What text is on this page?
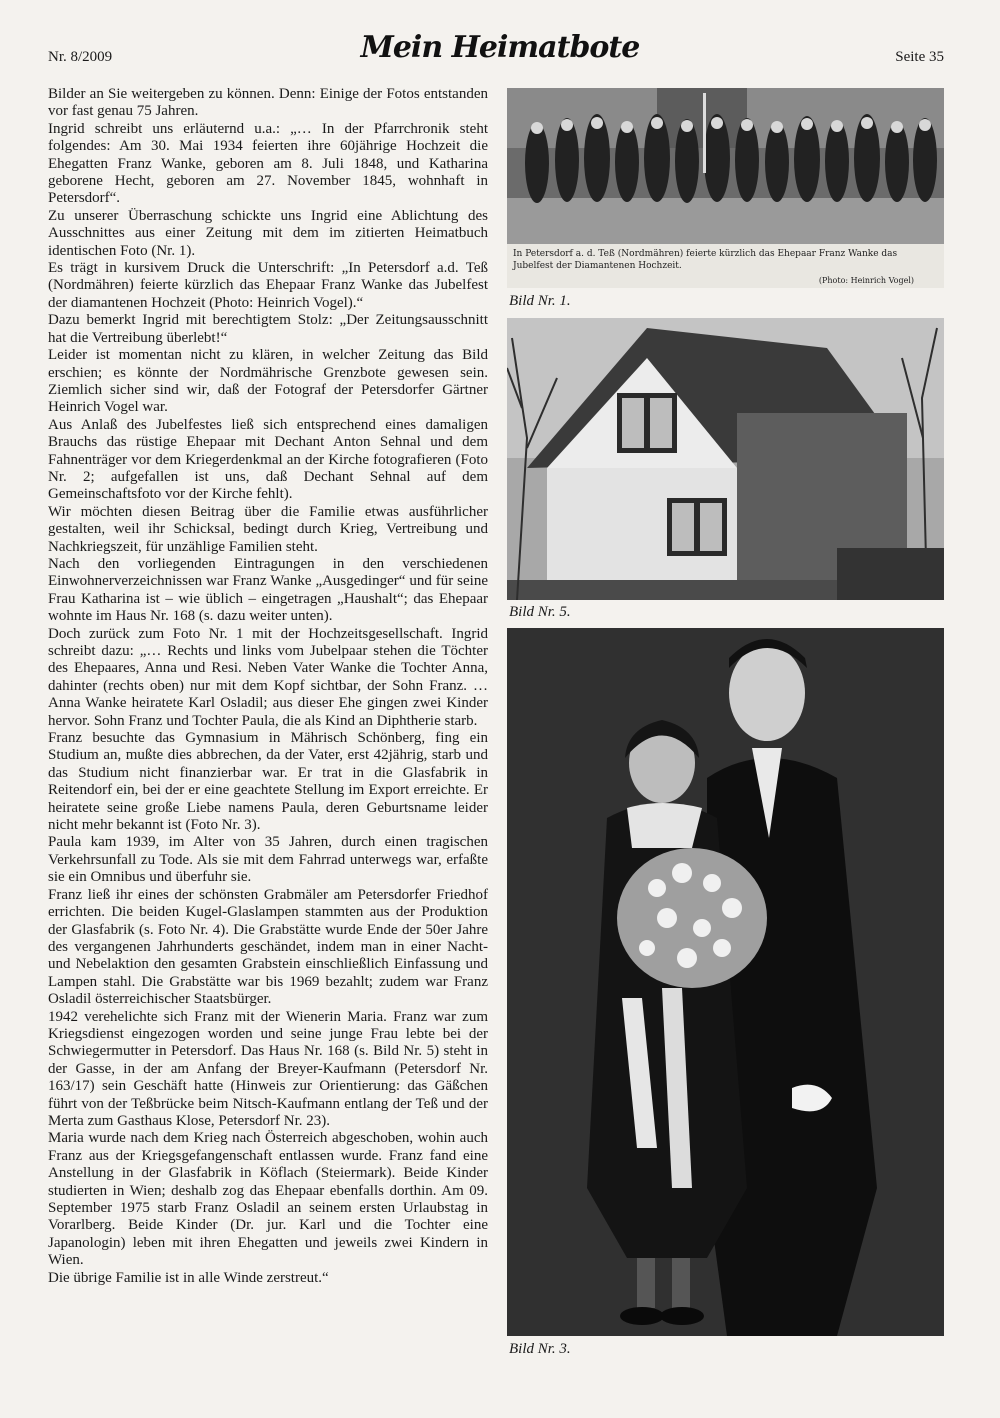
Nr. 8/2009	Mein Heimatbote	Seite 35

Bilder an Sie weitergeben zu können. Denn: Einige der Fotos entstanden vor fast genau 75 Jahren.

Ingrid schreibt uns erläuternd u.a.: „… In der Pfarrchronik steht folgendes: Am 30. Mai 1934 feierten ihre 60jährige Hochzeit die Ehegatten Franz Wanke, geboren am 8. Juli 1848, und Katharina geborene Hecht, geboren am 27. November 1845, wohnhaft in Petersdorf“.

Zu unserer Überraschung schickte uns Ingrid eine Ablichtung des Ausschnittes aus einer Zeitung mit dem im zitierten Heimatbuch identischen Foto (Nr. 1).

Es trägt in kursivem Druck die Unterschrift: „In Petersdorf a.d. Teß (Nordmähren) feierte kürzlich das Ehepaar Franz Wanke das Jubelfest der diamantenen Hochzeit (Photo: Heinrich Vogel).“

Dazu bemerkt Ingrid mit berechtigtem Stolz: „Der Zeitungsausschnitt hat die Vertreibung überlebt!“

Leider ist momentan nicht zu klären, in welcher Zeitung das Bild erschien; es könnte der Nordmährische Grenzbote gewesen sein. Ziemlich sicher sind wir, daß der Fotograf der Petersdorfer Gärtner Heinrich Vogel war.

Aus Anlaß des Jubelfestes ließ sich entsprechend eines damaligen Brauchs das rüstige Ehepaar mit Dechant Anton Sehnal und dem Fahnenträger vor dem Kriegerdenkmal an der Kirche fotografieren (Foto Nr. 2; aufgefallen ist uns, daß Dechant Sehnal auf dem Gemeinschaftsfoto vor der Kirche fehlt).

Wir möchten diesen Beitrag über die Familie etwas ausführlicher gestalten, weil ihr Schicksal, bedingt durch Krieg, Vertreibung und Nachkriegszeit, für unzählige Familien steht.

Nach den vorliegenden Eintragungen in den verschiedenen Einwohnerverzeichnissen war Franz Wanke „Ausgedinger“ und für seine Frau Katharina ist – wie üblich – eingetragen „Haushalt“; das Ehepaar wohnte im Haus Nr. 168 (s. dazu weiter unten).

Doch zurück zum Foto Nr. 1 mit der Hochzeitsgesellschaft. Ingrid schreibt dazu: „… Rechts und links vom Jubelpaar stehen die Töchter des Ehepaares, Anna und Resi. Neben Vater Wanke die Tochter Anna, dahinter (rechts oben) nur mit dem Kopf sichtbar, der Sohn Franz. … Anna Wanke heiratete Karl Osladil; aus dieser Ehe gingen zwei Kinder hervor. Sohn Franz und Tochter Paula, die als Kind an Diphtherie starb.

Franz besuchte das Gymnasium in Mährisch Schönberg, fing ein Studium an, mußte dies abbrechen, da der Vater, erst 42jährig, starb und das Studium nicht finanzierbar war. Er trat in die Glasfabrik in Reitendorf ein, bei der er eine geachtete Stellung im Export erreichte. Er heiratete seine große Liebe namens Paula, deren Geburtsname leider nicht mehr bekannt ist (Foto Nr. 3).

Paula kam 1939, im Alter von 35 Jahren, durch einen tragischen Verkehrsunfall zu Tode. Als sie mit dem Fahrrad unterwegs war, erfaßte sie ein Omnibus und überfuhr sie.

Franz ließ ihr eines der schönsten Grabmäler am Petersdorfer Friedhof errichten. Die beiden Kugel-Glaslampen stammten aus der Produktion der Glasfabrik (s. Foto Nr. 4). Die Grabstätte wurde Ende der 50er Jahre des vergangenen Jahrhunderts geschändet, indem man in einer Nacht- und Nebelaktion den gesamten Grabstein einschließlich Einfassung und Lampen stahl. Die Grabstätte war bis 1969 bezahlt; zudem war Franz Osladil österreichischer Staatsbürger.

1942 verehelichte sich Franz mit der Wienerin Maria. Franz war zum Kriegsdienst eingezogen worden und seine junge Frau lebte bei der Schwiegermutter in Petersdorf. Das Haus Nr. 168 (s. Bild Nr. 5) steht in der Gasse, in der am Anfang der Breyer-Kaufmann (Petersdorf Nr. 163/17) sein Geschäft hatte (Hinweis zur Orientierung: das Gäßchen führt von der Teßbrücke beim Nitsch-Kaufmann entlang der Teß und der Merta zum Gasthaus Klose, Petersdorf Nr. 23).

Maria wurde nach dem Krieg nach Österreich abgeschoben, wohin auch Franz aus der Kriegsgefangenschaft entlassen wurde. Franz fand eine Anstellung in der Glasfabrik in Köflach (Steiermark). Beide Kinder studierten in Wien; deshalb zog das Ehepaar ebenfalls dorthin. Am 09. September 1975 starb Franz Osladil an seinem ersten Urlaubstag in Vorarlberg. Beide Kinder (Dr. jur. Karl und die Tochter eine Japanologin) leben mit ihren Ehegatten und jeweils zwei Kindern in Wien.

Die übrige Familie ist in alle Winde zerstreut.“

In Petersdorf a. d. Teß (Nordmähren) feierte kürzlich das Ehepaar Franz Wanke das Jubelfest der Diamantenen Hochzeit.
(Photo: Heinrich Vogel)
Bild Nr. 1.
Bild Nr. 5.
Bild Nr. 3.
